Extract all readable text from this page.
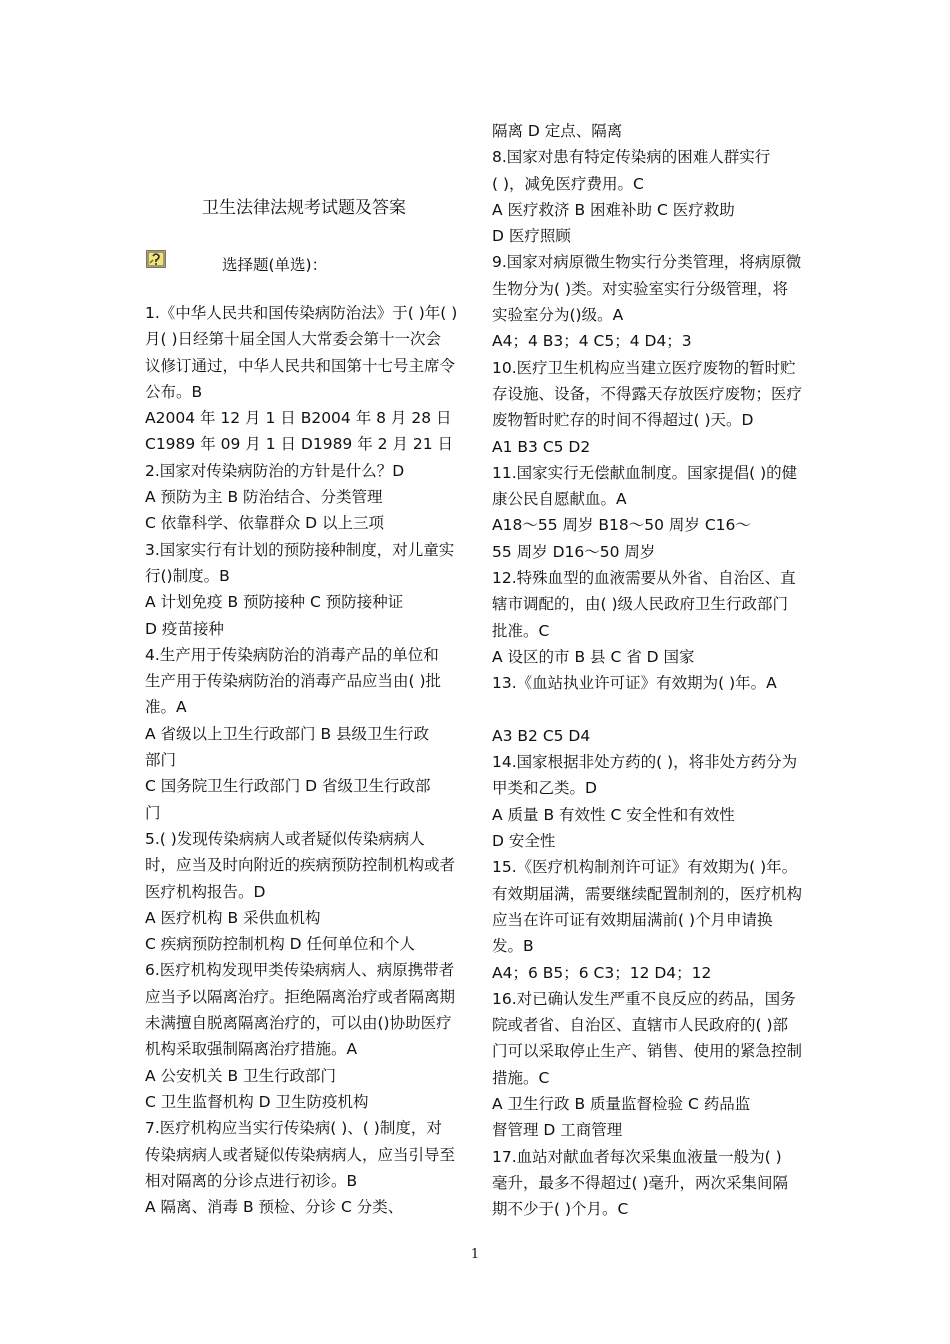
卫生法律法规考试题及答案
选择题(单选)：
1.《中华人民共和国传染病防治法》于( )年( )
月( )日经第十届全国人大常委会第十一次会
议修订通过，中华人民共和国第十七号主席令
公布。B
A2004 年 12 月 1 日 B2004 年 8 月 28 日
C1989 年 09 月 1 日 D1989 年 2 月 21 日
2.国家对传染病防治的方针是什么？D
A 预防为主 B 防治结合、分类管理
C 依靠科学、依靠群众 D 以上三项
3.国家实行有计划的预防接种制度，对儿童实
行()制度。B
A 计划免疫 B 预防接种 C 预防接种证
D 疫苗接种
4.生产用于传染病防治的消毒产品的单位和
生产用于传染病防治的消毒产品应当由( )批
准。A
A 省级以上卫生行政部门 B 县级卫生行政
部门
C 国务院卫生行政部门 D 省级卫生行政部
门
5.( )发现传染病病人或者疑似传染病病人
时，应当及时向附近的疾病预防控制机构或者
医疗机构报告。D
A 医疗机构 B 采供血机构
C 疾病预防控制机构 D 任何单位和个人
6.医疗机构发现甲类传染病病人、病原携带者
应当予以隔离治疗。拒绝隔离治疗或者隔离期
未满擅自脱离隔离治疗的，可以由()协助医疗
机构采取强制隔离治疗措施。A
A 公安机关 B 卫生行政部门
C 卫生监督机构 D 卫生防疫机构
7.医疗机构应当实行传染病( )、( )制度，对
传染病病人或者疑似传染病病人，应当引导至
相对隔离的分诊点进行初诊。B
A 隔离、消毒 B 预检、分诊 C 分类、
隔离 D 定点、隔离
8.国家对患有特定传染病的困难人群实行
( )，减免医疗费用。C
A 医疗救济 B 困难补助 C 医疗救助
D 医疗照顾
9.国家对病原微生物实行分类管理，将病原微
生物分为( )类。对实验室实行分级管理，将
实验室分为()级。A
A4；4 B3；4 C5；4 D4；3
10.医疗卫生机构应当建立医疗废物的暂时贮
存设施、设备，不得露天存放医疗废物；医疗
废物暂时贮存的时间不得超过( )天。D
A1 B3 C5 D2
11.国家实行无偿献血制度。国家提倡( )的健
康公民自愿献血。A
A18～55 周岁 B18～50 周岁 C16～
55 周岁 D16～50 周岁
12.特殊血型的血液需要从外省、自治区、直
辖市调配的，由( )级人民政府卫生行政部门
批准。C
A 设区的市 B 县 C 省 D 国家
13.《血站执业许可证》有效期为( )年。A
A3 B2 C5 D4
14.国家根据非处方药的( )，将非处方药分为
甲类和乙类。D
A 质量 B 有效性 C 安全性和有效性
D 安全性
15.《医疗机构制剂许可证》有效期为( )年。
有效期届满，需要继续配置制剂的，医疗机构
应当在许可证有效期届满前( )个月申请换
发。B
A4；6 B5；6 C3；12 D4；12
16.对已确认发生严重不良反应的药品，国务
院或者省、自治区、直辖市人民政府的( )部
门可以采取停止生产、销售、使用的紧急控制
措施。C
A 卫生行政 B 质量监督检验 C 药品监
督管理 D 工商管理
17.血站对献血者每次采集血液量一般为( )
毫升，最多不得超过( )毫升，两次采集间隔
期不少于( )个月。C
1
